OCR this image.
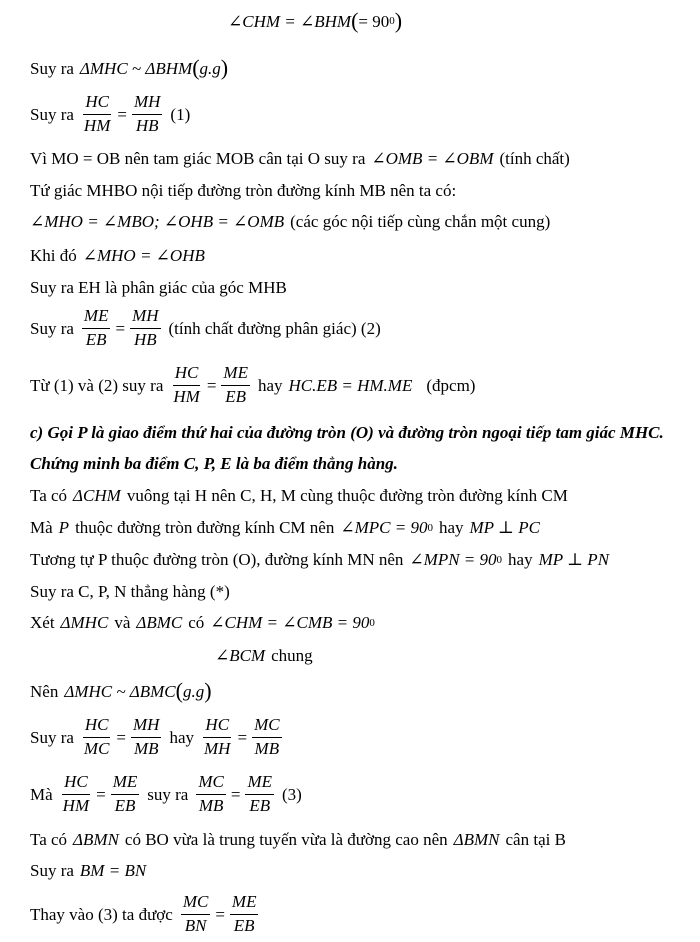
∠CHM = ∠BHM ( = 90 0 )
Suy ra ΔMHC ~ ΔBHM ( g.g )
Suy ra $\frac{HC}{HM} = \frac{MH}{HB} (1)$
Vì MO = OB nên tam giác MOB cân tại O suy ra ∠OMB = ∠OBM (tính chất)
Tứ giác MHBO nội tiếp đường tròn đường kính MB nên ta có:
∠MHO = ∠MBO; ∠OHB = ∠OMB (các góc nội tiếp cùng chắn một cung)
Khi đó ∠MHO = ∠OHB
Suy ra EH là phân giác của góc MHB
Suy ra $\frac{ME}{EB} = \frac{MH}{HB}$ (tính chất đường phân giác) (2)
Từ (1) và (2) suy ra $\frac{HC}{HM} = \frac{ME}{EB}$ hay HC.EB = HM.ME (đpcm)
c) Gọi P là giao điểm thứ hai của đường tròn (O) và đường tròn ngoại tiếp tam giác MHC.
Chứng minh ba điểm C, P, E là ba điểm thẳng hàng.
Ta có ΔCHM vuông tại H nên C, H, M cùng thuộc đường tròn đường kính CM
Mà P thuộc đường tròn đường kính CM nên ∠MPC = 90 0 hay MP ⊥ PC
Tương tự P thuộc đường tròn (O), đường kính MN nên ∠MPN = 90 0 hay MP ⊥ PN
Suy ra C, P, N thẳng hàng (*)
Xét ΔMHC và ΔBMC có ∠CHM = ∠CMB = 90 0
∠BCM chung
Nên ΔMHC ~ ΔBMC ( g.g )
Suy ra $\frac{HC}{MC} = \frac{MH}{MB}$ hay $\frac{HC}{MH} = \frac{MC}{MB}$
Mà $\frac{HC}{HM} = \frac{ME}{EB}$ suy ra $\frac{MC}{MB} = \frac{ME}{EB} (3)$
Ta có ΔBMN có BO vừa là trung tuyến vừa là đường cao nên ΔBMN cân tại B
Suy ra BM = BN
Thay vào (3) ta được $\frac{MC}{BN} = \frac{ME}{EB}$
